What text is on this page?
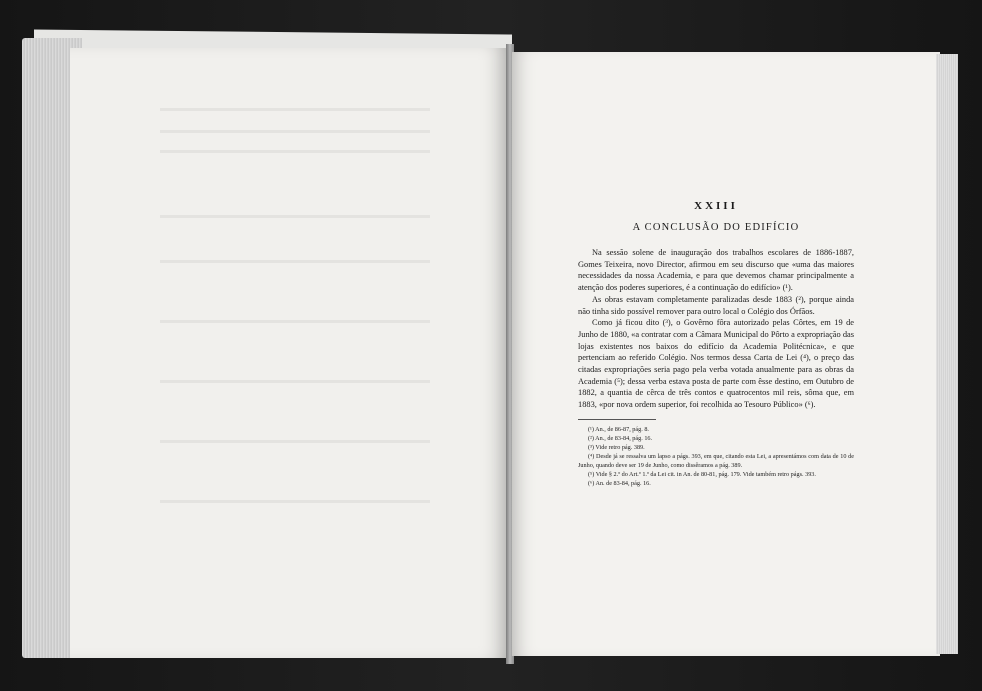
XXIII

A CONCLUSÃO DO EDIFÍCIO

Na sessão solene de inauguração dos trabalhos escolares de 1886-1887, Gomes Teixeira, novo Director, afirmou em seu discurso que «uma das maiores necessidades da nossa Academia, e para que devemos chamar principalmente a atenção dos poderes superiores, é a continuação do edifício» (¹).

As obras estavam completamente paralizadas desde 1883 (²), porque ainda não tinha sido possível remover para outro local o Colégio dos Órfãos.

Como já ficou dito (³), o Govêrno fôra autorizado pelas Côrtes, em 19 de Junho de 1880, «a contratar com a Câmara Municipal do Pôrto a expropriação das lojas existentes nos baixos do edifício da Academia Politécnica», e que pertenciam ao referido Colégio. Nos termos dessa Carta de Lei (⁴), o preço das citadas expropriações seria pago pela verba votada anualmente para as obras da Academia (⁵); dessa verba estava posta de parte com êsse destino, em Outubro de 1882, a quantia de cêrca de três contos e quatrocentos mil reis, sôma que, em 1883, «por nova ordem superior, foi recolhida ao Tesouro Público» (⁶).

(¹) An., de 86-87, pág. 8.

(²) An., de 83-84, pág. 16.

(³) Vide retro pág. 389.

(⁴) Desde já se ressalva um lapso a págs. 393, em que, citando esta Lei, a apresentámos com data de 10 de Junho, quando deve ser 19 de Junho, como dissêramos a pág. 389.

(⁵) Vide § 2.º do Art.º 1.º da Lei cit. in An. de 80-81, pág. 179. Vide também retro págs. 393.

(⁶) An. de 83-84, pág. 16.
